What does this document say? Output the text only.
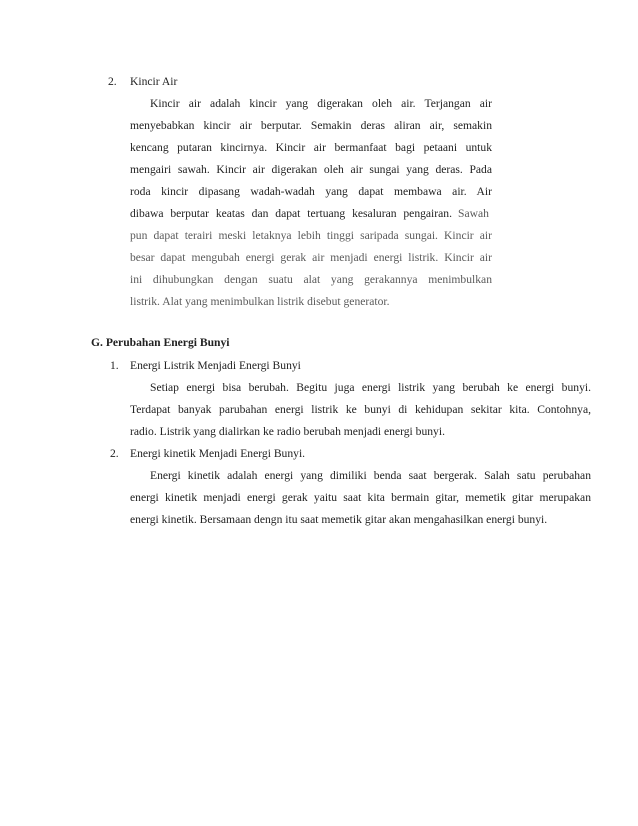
2. Kincir Air
Kincir air adalah kincir yang digerakan oleh air. Terjangan air
menyebabkan kincir air berputar. Semakin deras aliran air, semakin
kencang putaran kincirnya. Kincir air bermanfaat bagi petaani untuk
mengairi sawah. Kincir air digerakan oleh air sungai yang deras. Pada
roda kincir dipasang wadah-wadah yang dapat membawa air. Air
dibawa berputar keatas dan dapat tertuang kesaluran pengairan. Sawah
pun dapat terairi meski letaknya lebih tinggi saripada sungai. Kincir air
besar dapat mengubah energi gerak air menjadi energi listrik. Kincir air
ini dihubungkan dengan suatu alat yang gerakannya menimbulkan
listrik. Alat yang menimbulkan listrik disebut generator.
G. Perubahan Energi Bunyi
1. Energi Listrik Menjadi Energi Bunyi
Setiap energi bisa berubah. Begitu juga energi listrik yang berubah ke energi bunyi.
Terdapat banyak parubahan energi listrik ke bunyi di kehidupan sekitar kita. Contohnya,
radio. Listrik yang dialirkan ke radio berubah menjadi energi bunyi.
2. Energi kinetik Menjadi Energi Bunyi.
Energi kinetik adalah energi yang dimiliki benda saat bergerak. Salah satu perubahan
energi kinetik menjadi energi gerak yaitu saat kita bermain gitar, memetik gitar merupakan
energi kinetik. Bersamaan dengn itu saat memetik gitar akan mengahasilkan energi bunyi.
